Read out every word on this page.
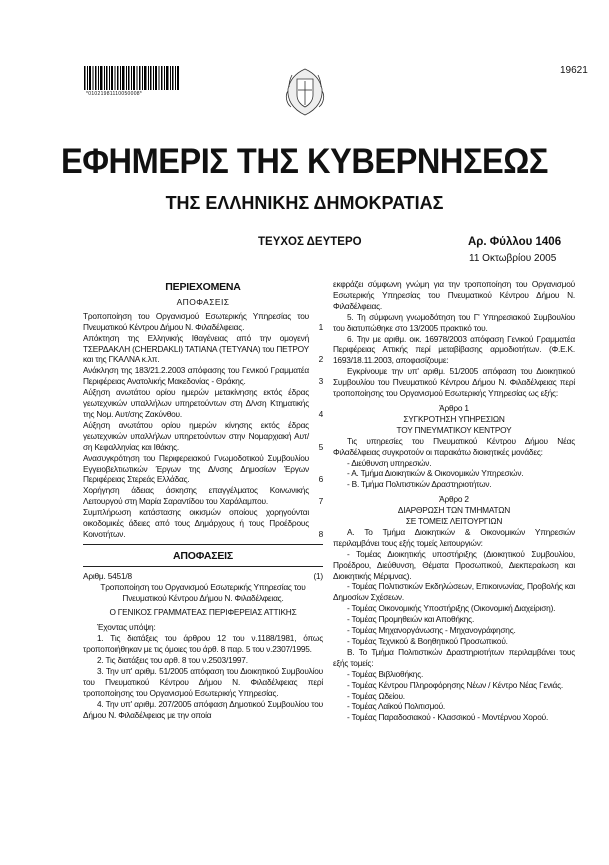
*01021981110050008*
19621
ΕΦΗΜΕΡΙΣ ΤΗΣ ΚΥΒΕΡΝΗΣΕΩΣ
ΤΗΣ ΕΛΛΗΝΙΚΗΣ ΔΗΜΟΚΡΑΤΙΑΣ
ΤΕΥΧΟΣ ΔΕΥΤΕΡΟ	Αρ. Φύλλου 1406
11 Οκτωβρίου 2005
ΠΕΡΙΕΧΟΜΕΝΑ
ΑΠΟΦΑΣΕΙΣ
Τροποποίηση του Οργανισμού Εσωτερικής Υπηρεσίας του Πνευματικού Κέντρου Δήμου Ν. Φιλαδέλφειας.	1
Απόκτηση της Ελληνικής Ιθαγένειας από την ομογενή ΤΣΕΡΔΑΚΛΗ (CHERDAKLI) ΤΑΤΙΑΝΑ (ΤΕΤΥΑΝΑ) του ΠΕΤΡΟΥ και της ΓΚΑΛΝΑ κ.λπ.	2
Ανάκληση της 183/21.2.2003 απόφασης του Γενικού Γραμματέα Περιφέρειας Ανατολικής Μακεδονίας - Θράκης.	3
Αύξηση ανωτάτου ορίου ημερών μετακίνησης εκτός έδρας γεωτεχνικών υπαλλήλων υπηρετούντων στη Δ/νση Κτηματικής της Νομ. Αυτ/σης Ζακύνθου.	4
Αύξηση ανωτάτου ορίου ημερών κίνησης εκτός έδρας γεωτεχνικών υπαλλήλων υπηρετούντων στην Νομαρχιακή Αυτ/ση Κεφαλληνίας και Ιθάκης.	5
Ανασυγκρότηση του Περιφερειακού Γνωμοδοτικού Συμβουλίου Εγγειοβελτιωτικών Έργων της Δ/νσης Δημοσίων Έργων Περιφέρειας Στερεάς Ελλάδας.	6
Χορήγηση άδειας άσκησης επαγγέλματος Κοινωνικής Λειτουργού στη Μαρία Σαραντίδου του Χαράλαμπου.	7
Συμπλήρωση κατάστασης οικισμών οποίους χορηγούνται οικοδομικές άδειες από τους Δημάρχους ή τους Προέδρους Κοινοτήτων.	8
ΑΠΟΦΑΣΕΙΣ
Αριθμ. 5451/8	(1)
Τροποποίηση του Οργανισμού Εσωτερικής Υπηρεσίας του Πνευματικού Κέντρου Δήμου Ν. Φιλαδέλφειας.
Ο ΓΕΝΙΚΟΣ ΓΡΑΜΜΑΤΕΑΣ ΠΕΡΙΦΕΡΕΙΑΣ ΑΤΤΙΚΗΣ
Έχοντας υπόψη:
1. Τις διατάξεις του άρθρου 12 του ν.1188/1981, όπως τροποποιήθηκαν με τις όμοιες του άρθ. 8 παρ. 5 του ν.2307/1995.
2. Τις διατάξεις του αρθ. 8 του ν.2503/1997.
3. Την υπ' αριθμ. 51/2005 απόφαση του Διοικητικού Συμβουλίου του Πνευματικού Κέντρου Δήμου Ν. Φιλαδέλφειας περί τροποποίησης του Οργανισμού Εσωτερικής Υπηρεσίας.
4. Την υπ' αριθμ. 207/2005 απόφαση Δημοτικού Συμβουλίου του Δήμου Ν. Φιλαδέλφειας με την οποία
εκφράζει σύμφωνη γνώμη για την τροποποίηση του Οργανισμού Εσωτερικής Υπηρεσίας του Πνευματικού Κέντρου Δήμου Ν. Φιλαδέλφειας.
5. Τη σύμφωνη γνωμοδότηση του Γ' Υπηρεσιακού Συμβουλίου του διατυπώθηκε στο 13/2005 πρακτικό του.
6. Την με αριθμ. οικ. 16978/2003 απόφαση Γενικού Γραμματέα Περιφέρειας Αττικής περί μεταβίβασης αρμοδιοτήτων. (Φ.Ε.Κ. 1693/18.11.2003, αποφασίζουμε:
Εγκρίνουμε την υπ' αριθμ. 51/2005 απόφαση του Διοικητικού Συμβουλίου του Πνευματικού Κέντρου Δήμου Ν. Φιλαδέλφειας περί τροποποίησης του Οργανισμού Εσωτερικής Υπηρεσίας ως εξής:
Άρθρο 1
ΣΥΓΚΡΟΤΗΣΗ ΥΠΗΡΕΣΙΩΝ
ΤΟΥ ΠΝΕΥΜΑΤΙΚΟΥ ΚΕΝΤΡΟΥ
Τις υπηρεσίες του Πνευματικού Κέντρου Δήμου Νέας Φιλαδέλφειας συγκροτούν οι παρακάτω διοικητικές μονάδες:
- Διεύθυνση υπηρεσιών.
- Α. Τμήμα Διοικητικών & Οικονομικών Υπηρεσιών.
- Β. Τμήμα Πολιτιστικών Δραστηριοτήτων.
Άρθρο 2
ΔΙΑΡΘΡΩΣΗ ΤΩΝ ΤΜΗΜΑΤΩΝ
ΣΕ ΤΟΜΕΙΣ ΛΕΙΤΟΥΡΓΙΩΝ
Α. Το Τμήμα Διοικητικών & Οικονομικών Υπηρεσιών περιλαμβάνει τους εξής τομείς λειτουργιών:
- Τομέας Διοικητικής υποστήριξης (Διοικητικού Συμβουλίου, Προέδρου, Διεύθυνση, Θέματα Προσωπικού, Διεκπεραίωση και Διοικητικής Μέριμνας).
- Τομέας Πολιτιστικών Εκδηλώσεων, Επικοινωνίας, Προβολής και Δημοσίων Σχέσεων.
- Τομέας Οικονομικής Υποστήριξης (Οικονομική Διαχείριση).
- Τομέας Προμηθειών και Αποθήκης.
- Τομέας Μηχανοργάνωσης - Μηχανογράφησης.
- Τομέας Τεχνικού & Βοηθητικού Προσωπικού.
Β. Το Τμήμα Πολιτιστικών Δραστηριοτήτων περιλαμβάνει τους εξής τομείς:
- Τομέας Βιβλιοθήκης.
- Τομέας Κέντρου Πληροφόρησης Νέων / Κέντρο Νέας Γενιάς.
- Τομέας Ωδείου.
- Τομέας Λαϊκού Πολιτισμού.
- Τομέας Παραδοσιακού - Κλασσικού - Μοντέρνου Χορού.
